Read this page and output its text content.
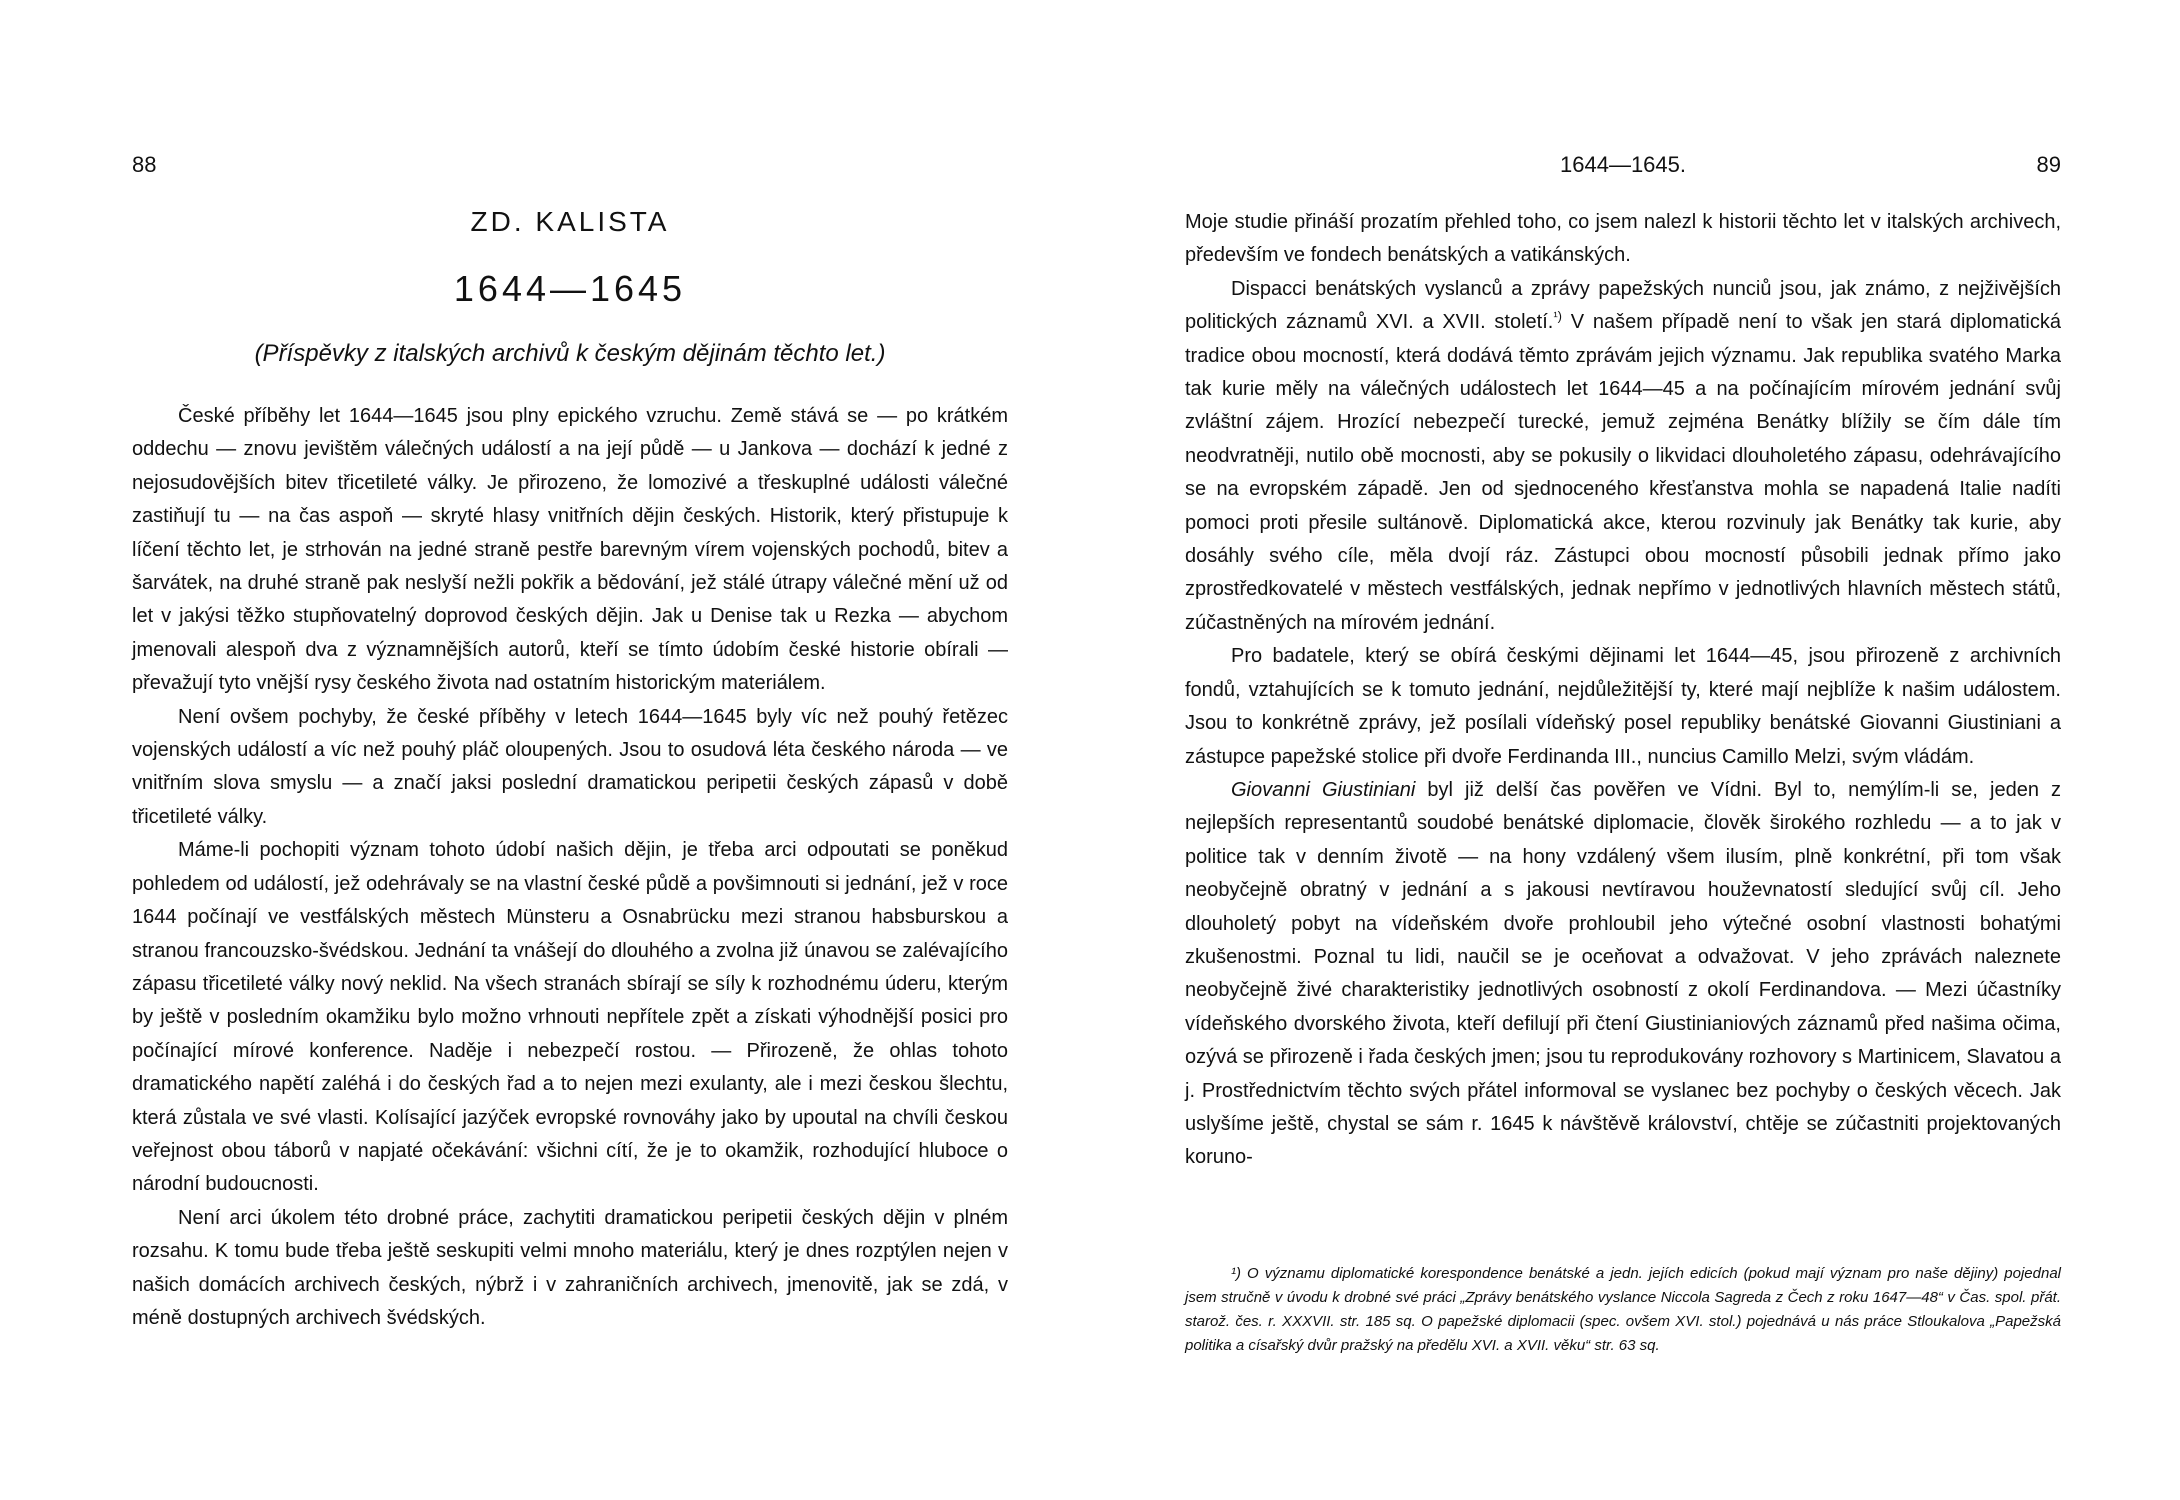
88
ZD. KALISTA
1644—1645
(Příspěvky z italských archivů k českým dějinám těchto let.)

České příběhy let 1644—1645 jsou plny epického vzruchu. Země stává se — po krátkém oddechu — znovu jevištěm válečných událostí a na její půdě — u Jankova — dochází k jedné z nejosudovějších bitev třicetileté války. Je přirozeno, že lomozivé a třeskuplné události válečné zastiňují tu — na čas aspoň — skryté hlasy vnitřních dějin českých. Historik, který přistupuje k líčení těchto let, je strhován na jedné straně pestře barevným vírem vojenských pochodů, bitev a šarvátek, na druhé straně pak neslyší nežli pokřik a bědování, jež stálé útrapy válečné mění už od let v jakýsi těžko stupňovatelný doprovod českých dějin. Jak u Denise tak u Rezka — abychom jmenovali alespoň dva z významnějších autorů, kteří se tímto údobím české historie obírali — převažují tyto vnější rysy českého života nad ostatním historickým materiálem.

Není ovšem pochyby, že české příběhy v letech 1644—1645 byly víc než pouhý řetězec vojenských událostí a víc než pouhý pláč oloupených. Jsou to osudová léta českého národa — ve vnitřním slova smyslu — a značí jaksi poslední dramatickou peripetii českých zápasů v době třicetileté války.

Máme-li pochopiti význam tohoto údobí našich dějin, je třeba arci odpoutati se poněkud pohledem od událostí, jež odehrávaly se na vlastní české půdě a povšimnouti si jednání, jež v roce 1644 počínají ve vestfálských městech Münsteru a Osnabrücku mezi stranou habsburskou a stranou francouzsko-švédskou. Jednání ta vnášejí do dlouhého a zvolna již únavou se zalévajícího zápasu třicetileté války nový neklid. Na všech stranách sbírají se síly k rozhodnému úderu, kterým by ještě v posledním okamžiku bylo možno vrhnouti nepřítele zpět a získati výhodnější posici pro počínající mírové konference. Naděje i nebezpečí rostou. — Přirozeně, že ohlas tohoto dramatického napětí zaléhá i do českých řad a to nejen mezi exulanty, ale i mezi českou šlechtu, která zůstala ve své vlasti. Kolísající jazýček evropské rovnováhy jako by upoutal na chvíli českou veřejnost obou táborů v napjaté očekávání: všichni cítí, že je to okamžik, rozhodující hluboce o národní budoucnosti.

Není arci úkolem této drobné práce, zachytiti dramatickou peripetii českých dějin v plném rozsahu. K tomu bude třeba ještě seskupiti velmi mnoho materiálu, který je dnes rozptýlen nejen v našich domácích archivech českých, nýbrž i v zahraničních archivech, jmenovitě, jak se zdá, v méně dostupných archivech švédských.

1644—1645.	89

Moje studie přináší prozatím přehled toho, co jsem nalezl k historii těchto let v italských archivech, především ve fondech benátských a vatikánských.

Dispacci benátských vyslanců a zprávy papežských nunciů jsou, jak známo, z nejživějších politických záznamů XVI. a XVII. století.$^{^1)}$ V našem případě není to však jen stará diplomatická tradice obou mocností, která dodává těmto zprávám jejich významu. Jak republika svatého Marka tak kurie měly na válečných událostech let 1644—45 a na počínajícím mírovém jednání svůj zvláštní zájem. Hrozící nebezpečí turecké, jemuž zejména Benátky blížily se čím dále tím neodvratněji, nutilo obě mocnosti, aby se pokusily o likvidaci dlouholetého zápasu, odehrávajícího se na evropském západě. Jen od sjednoceného křesťanstva mohla se napadená Italie nadíti pomoci proti přesile sultánově. Diplomatická akce, kterou rozvinuly jak Benátky tak kurie, aby dosáhly svého cíle, měla dvojí ráz. Zástupci obou mocností působili jednak přímo jako zprostředkovatelé v městech vestfálských, jednak nepřímo v jednotlivých hlavních městech států, zúčastněných na mírovém jednání.

Pro badatele, který se obírá českými dějinami let 1644—45, jsou přirozeně z archivních fondů, vztahujících se k tomuto jednání, nejdůležitější ty, které mají nejblíže k našim událostem. Jsou to konkrétně zprávy, jež posílali vídeňský posel republiky benátské Giovanni Giustiniani a zástupce papežské stolice při dvoře Ferdinanda III., nuncius Camillo Melzi, svým vládám.

Giovanni Giustiniani byl již delší čas pověřen ve Vídni. Byl to, nemýlím-li se, jeden z nejlepších representantů soudobé benátské diplomacie, člověk širokého rozhledu — a to jak v politice tak v denním životě — na hony vzdálený všem ilusím, plně konkrétní, při tom však neobyčejně obratný v jednání a s jakousi nevtíravou houževnatostí sledující svůj cíl. Jeho dlouholetý pobyt na vídeňském dvoře prohloubil jeho výtečné osobní vlastnosti bohatými zkušenostmi. Poznal tu lidi, naučil se je oceňovat a odvažovat. V jeho zprávách naleznete neobyčejně živé charakteristiky jednotlivých osobností z okolí Ferdinandova. — Mezi účastníky vídeňského dvorského života, kteří defilují při čtení Giustinianiových záznamů před našima očima, ozývá se přirozeně i řada českých jmen; jsou tu reprodukovány rozhovory s Martinicem, Slavatou a j. Prostřednictvím těchto svých přátel informoval se vyslanec bez pochyby o českých věcech. Jak uslyšíme ještě, chystal se sám r. 1645 k návštěvě království, chtěje se zúčastniti projektovaných koruno-

¹) O významu diplomatické korespondence benátské a jedn. jejích edicích (pokud mají význam pro naše dějiny) pojednal jsem stručně v úvodu k drobné své práci „Zprávy benátského vyslance Niccola Sagreda z Čech z roku 1647—48“ v Čas. spol. přát. starož. čes. r. XXXVII. str. 185 sq. O papežské diplomacii (spec. ovšem XVI. stol.) pojednává u nás práce Stloukalova „Papežská politika a císařský dvůr pražský na předělu XVI. a XVII. věku“ str. 63 sq.
